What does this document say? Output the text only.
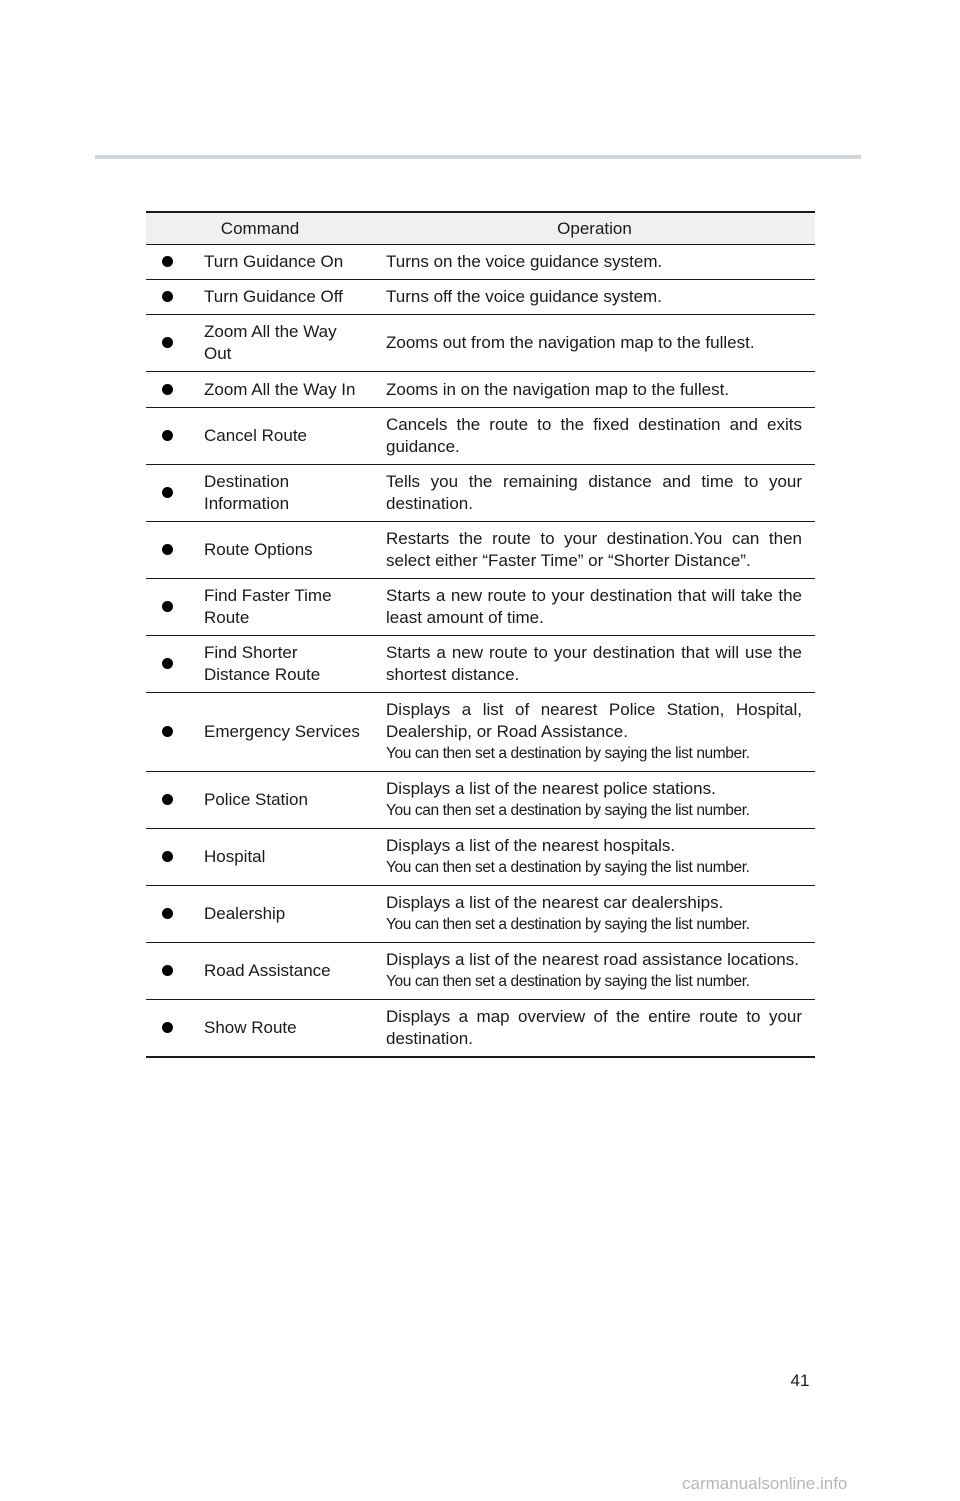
Command		Operation
	Turn Guidance On	Turns on the voice guidance system.

	Turn Guidance Off	Turns off the voice guidance system.

	Zoom All the Way Out	Zooms out from the navigation map to the fullest.

	Zoom All the Way In	Zooms in on the navigation map to the fullest.

	Cancel Route	Cancels the route to the fixed destination and exits guidance.

	Destination Information	Tells you the remaining distance and time to your destination.

	Route Options	Restarts the route to your destination.You can then select either “Faster Time” or “Shorter Distance”.

	Find Faster Time Route	Starts a new route to your destination that will take the least amount of time.

	Find Shorter Distance Route	Starts a new route to your destination that will use the shortest distance.

	Emergency Services	Displays a list of nearest Police Station, Hospital, Dealership, or Road Assistance.
You can then set a destination by saying the list number.

	Police Station	Displays a list of the nearest police stations.
You can then set a destination by saying the list number.

	Hospital	Displays a list of the nearest hospitals.
You can then set a destination by saying the list number.

	Dealership	Displays a list of the nearest car dealerships.
You can then set a destination by saying the list number.

	Road Assistance	Displays a list of the nearest road assistance locations.
You can then set a destination by saying the list number.

	Show Route	Displays a map overview of the entire route to your destination.
41
carmanualsonline.info
